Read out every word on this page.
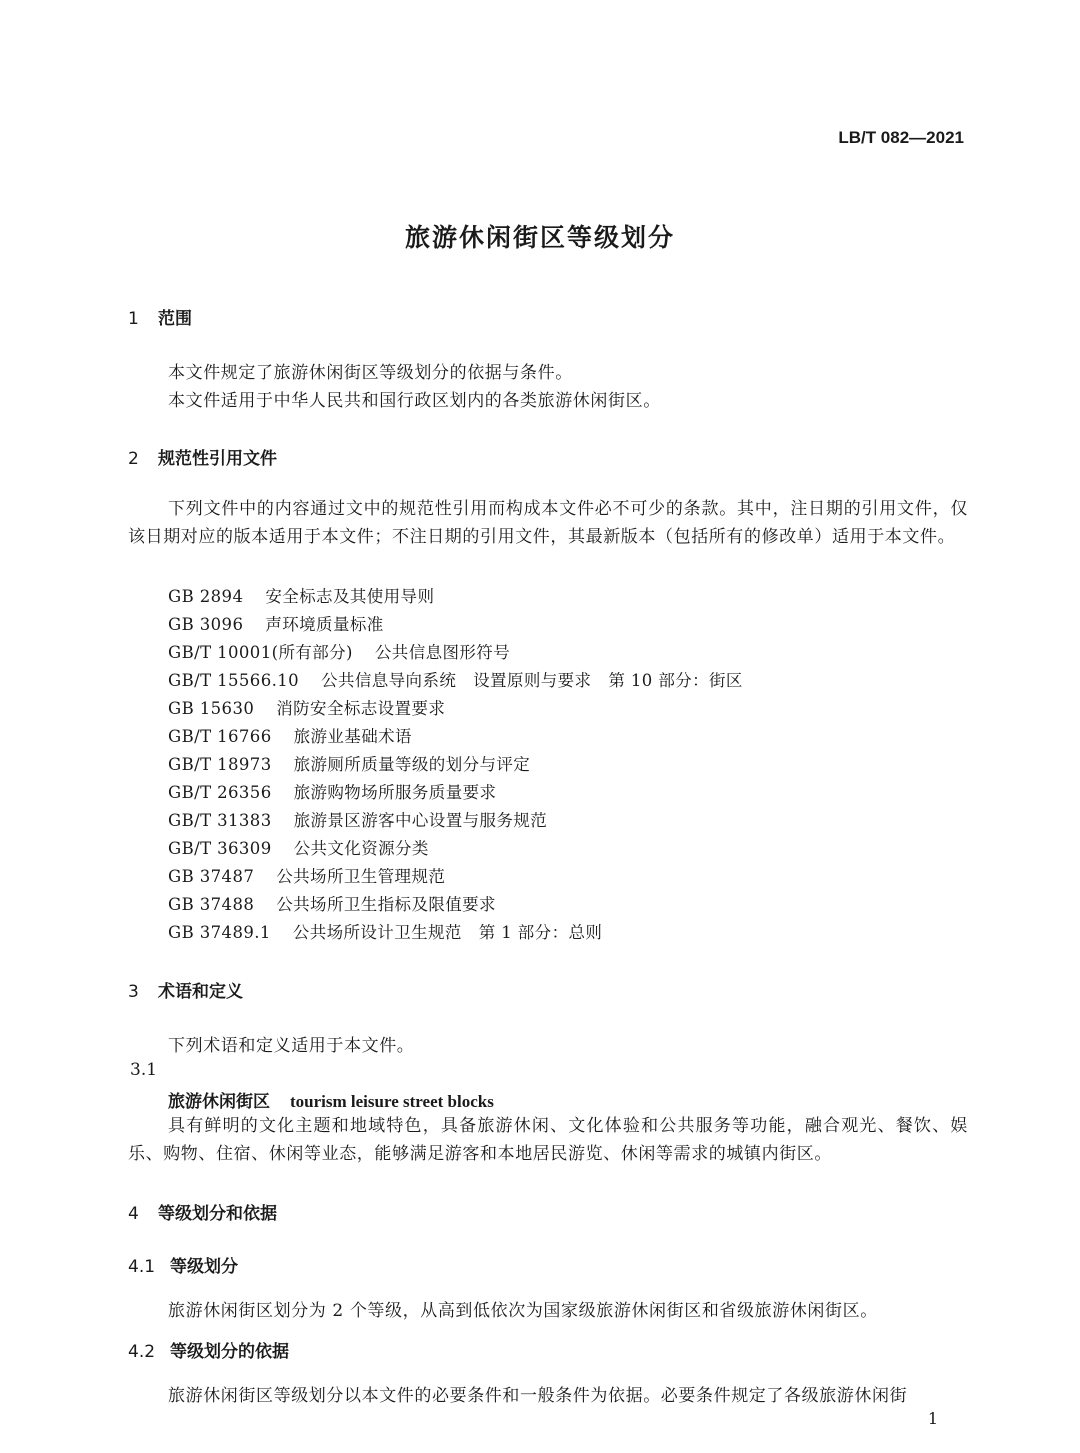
LB/T 082—2021
旅游休闲街区等级划分
1 范围
本文件规定了旅游休闲街区等级划分的依据与条件。
本文件适用于中华人民共和国行政区划内的各类旅游休闲街区。
2 规范性引用文件
下列文件中的内容通过文中的规范性引用而构成本文件必不可少的条款。其中，注日期的引用文件，仅该日期对应的版本适用于本文件；不注日期的引用文件，其最新版本（包括所有的修改单）适用于本文件。
GB 2894 安全标志及其使用导则
GB 3096 声环境质量标准
GB/T 10001(所有部分) 公共信息图形符号
GB/T 15566.10 公共信息导向系统　设置原则与要求　第 10 部分：街区
GB 15630 消防安全标志设置要求
GB/T 16766 旅游业基础术语
GB/T 18973 旅游厕所质量等级的划分与评定
GB/T 26356 旅游购物场所服务质量要求
GB/T 31383 旅游景区游客中心设置与服务规范
GB/T 36309 公共文化资源分类
GB 37487 公共场所卫生管理规范
GB 37488 公共场所卫生指标及限值要求
GB 37489.1 公共场所设计卫生规范　第 1 部分：总则
3 术语和定义
下列术语和定义适用于本文件。
3.1
旅游休闲街区 tourism leisure street blocks
具有鲜明的文化主题和地域特色，具备旅游休闲、文化体验和公共服务等功能，融合观光、餐饮、娱乐、购物、住宿、休闲等业态，能够满足游客和本地居民游览、休闲等需求的城镇内街区。
4 等级划分和依据
4.1 等级划分
旅游休闲街区划分为 2 个等级，从高到低依次为国家级旅游休闲街区和省级旅游休闲街区。
4.2 等级划分的依据
旅游休闲街区等级划分以本文件的必要条件和一般条件为依据。必要条件规定了各级旅游休闲街
1
